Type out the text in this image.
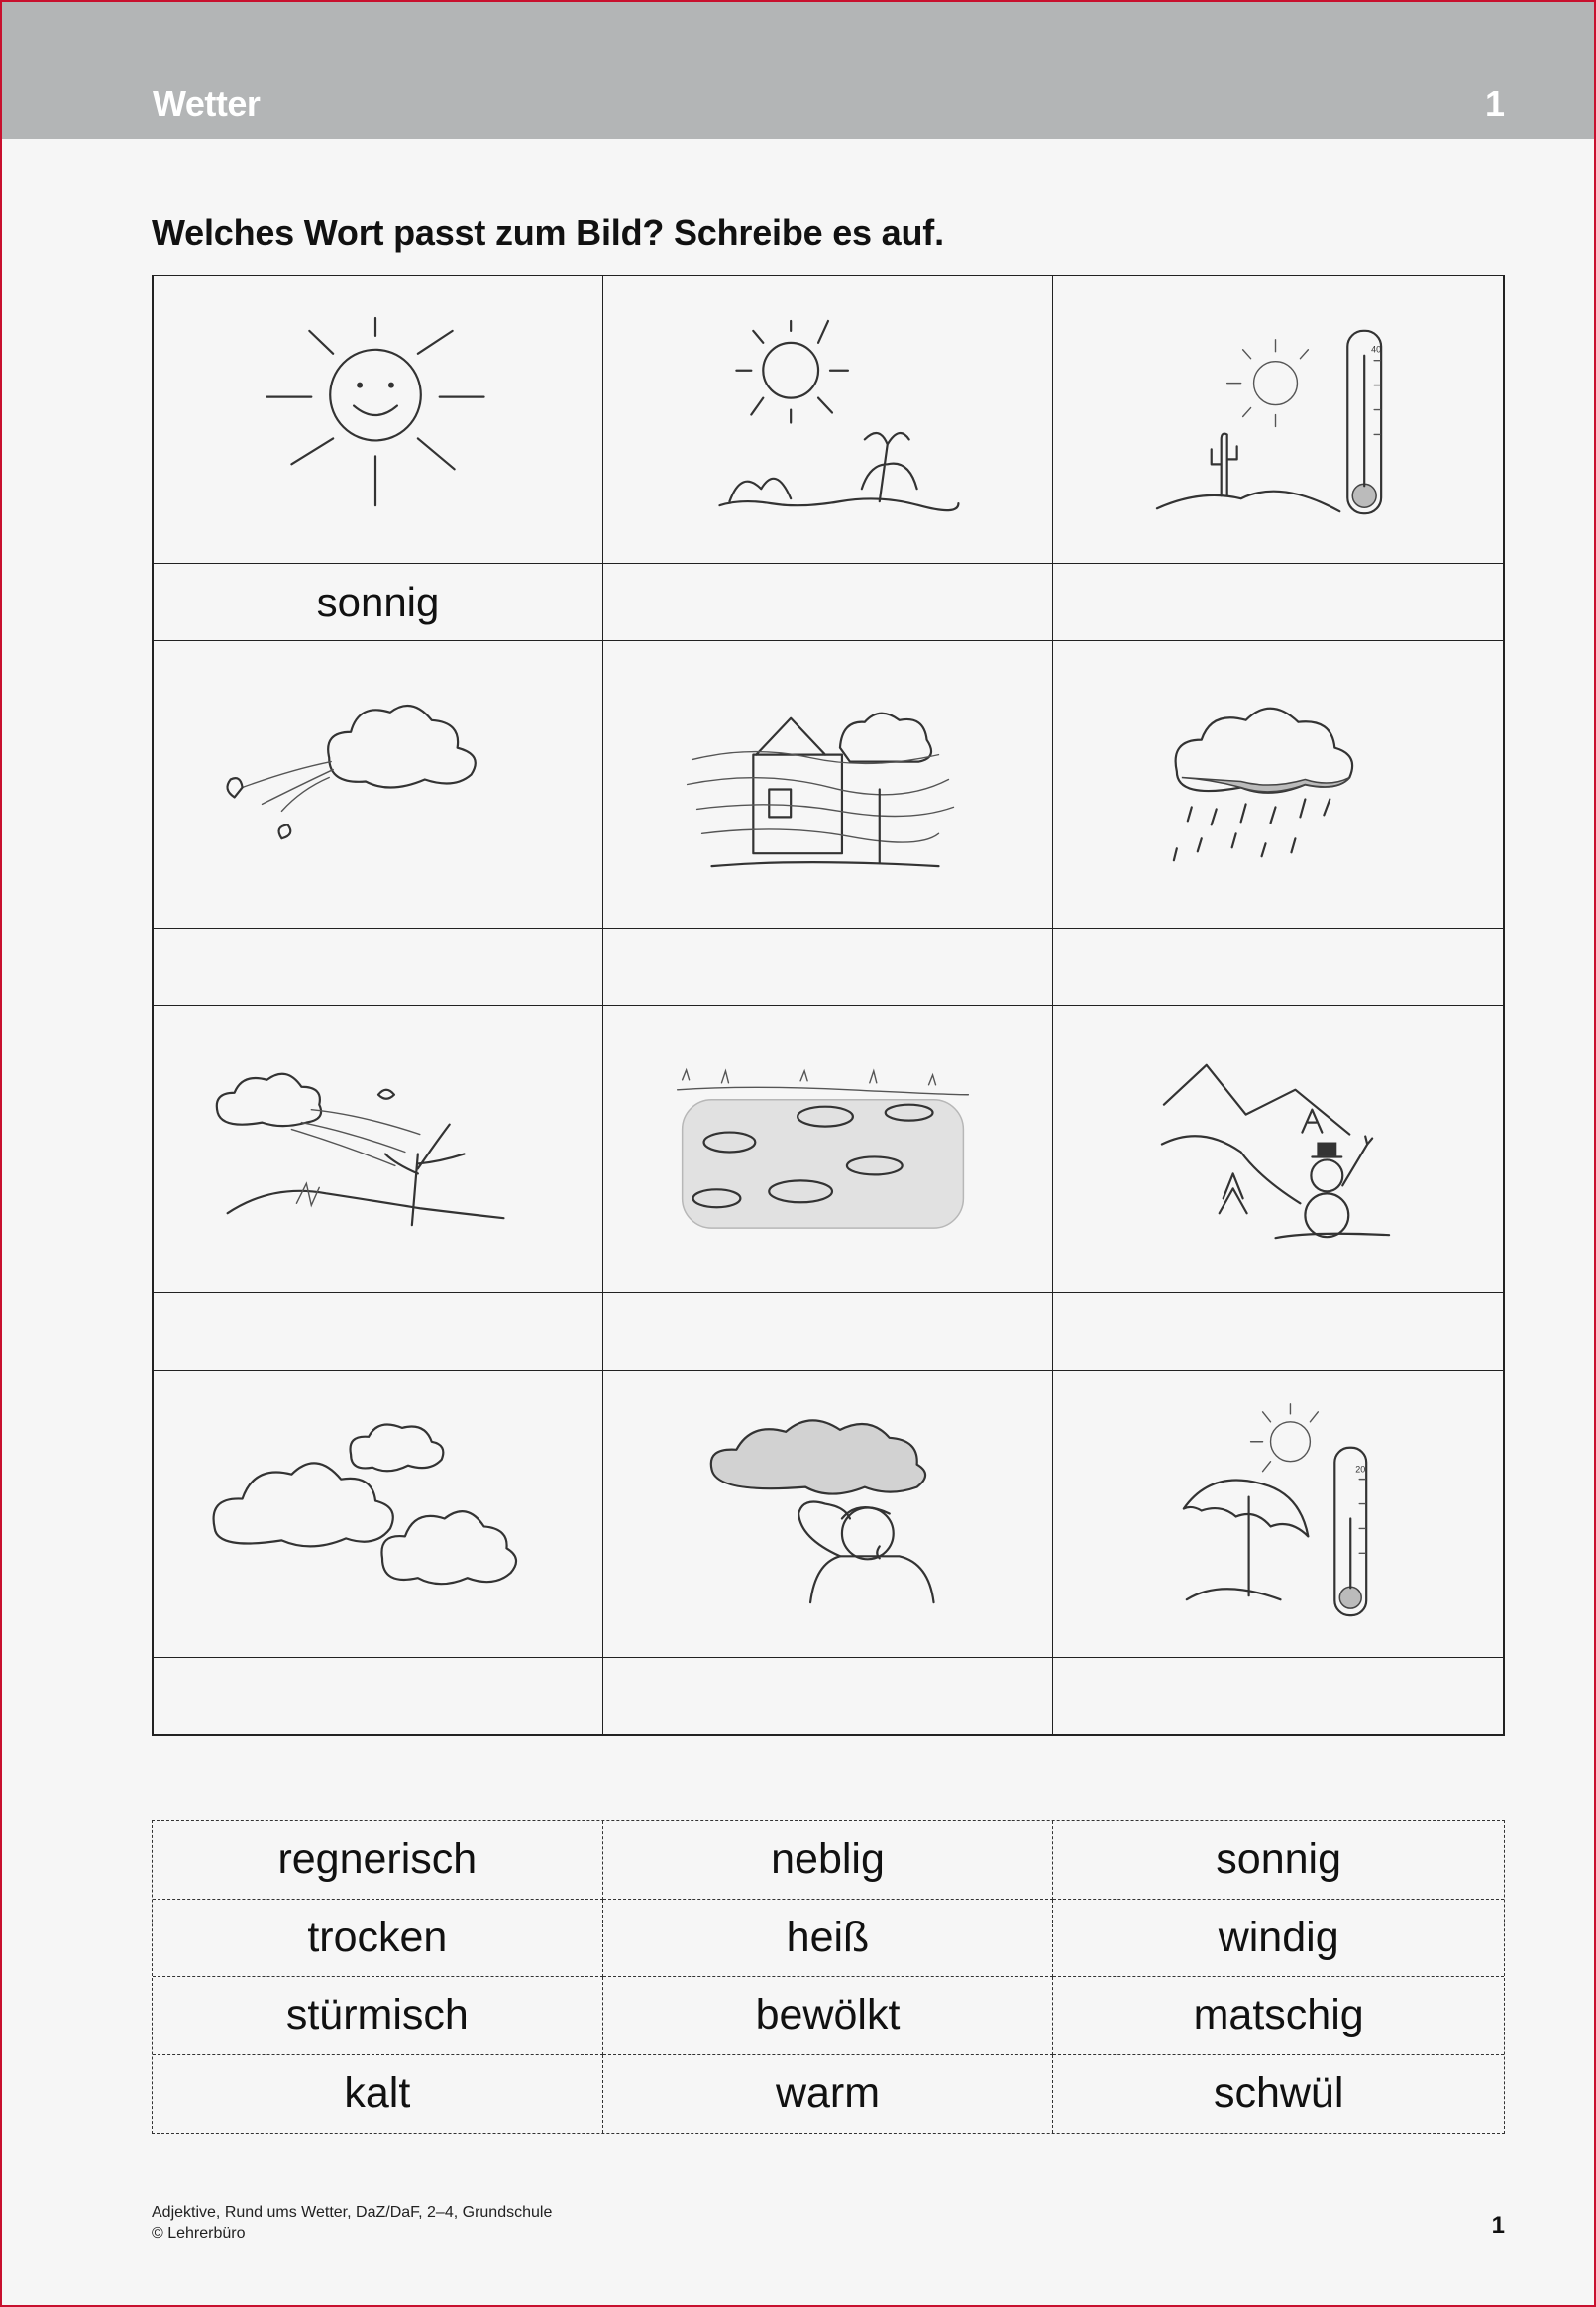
Wetter	1
Welches Wort passt zum Bild? Schreibe es auf.
40
sonnig
20
regnerisch	neblig	sonnig
trocken	heiß	windig
stürmisch	bewölkt	matschig
kalt	warm	schwül
Adjektive, Rund ums Wetter, DaZ/DaF, 2–4, Grundschule
© Lehrerbüro	1
